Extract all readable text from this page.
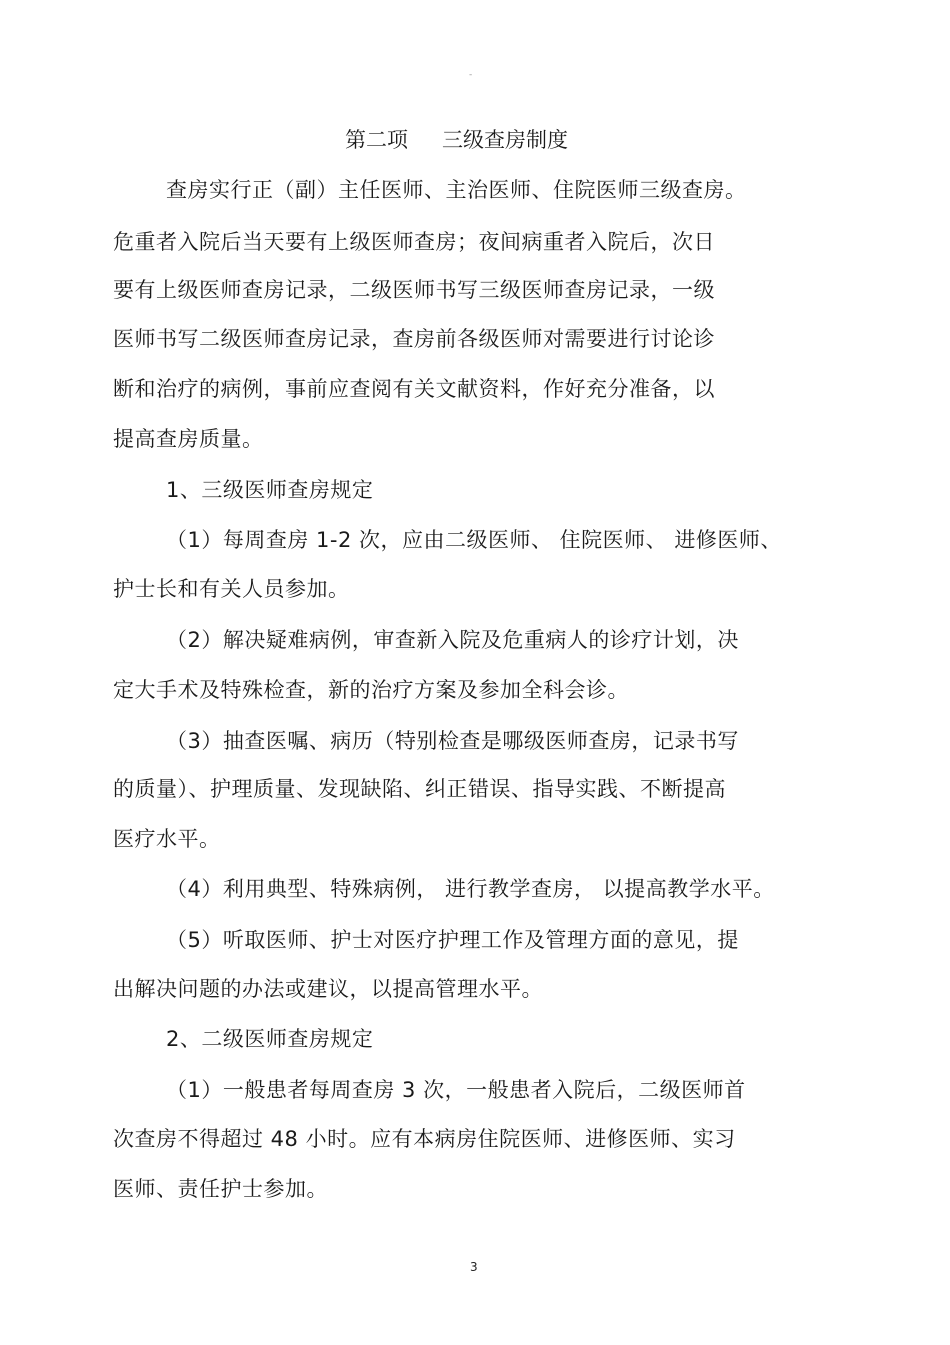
-
第二项 三级查房制度
查房实行正（副）主任医师、主治医师、住院医师三级查房。
危重者入院后当天要有上级医师查房；夜间病重者入院后，次日
要有上级医师查房记录，二级医师书写三级医师查房记录，一级
医师书写二级医师查房记录，查房前各级医师对需要进行讨论诊
断和治疗的病例，事前应查阅有关文献资料，作好充分准备，以
提高查房质量。
1、三级医师查房规定
（1）每周查房 1-2 次，应由二级医师、 住院医师、 进修医师、
护士长和有关人员参加。
（2）解决疑难病例，审查新入院及危重病人的诊疗计划，决
定大手术及特殊检查，新的治疗方案及参加全科会诊。
（3）抽查医嘱、病历（特别检查是哪级医师查房，记录书写
的质量）、护理质量、发现缺陷、纠正错误、指导实践、不断提高
医疗水平。
（4）利用典型、特殊病例， 进行教学查房， 以提高教学水平。
（5）听取医师、护士对医疗护理工作及管理方面的意见，提
出解决问题的办法或建议，以提高管理水平。
2、二级医师查房规定
（1）一般患者每周查房 3 次，一般患者入院后，二级医师首
次查房不得超过 48 小时。应有本病房住院医师、进修医师、实习
医师、责任护士参加。
3
